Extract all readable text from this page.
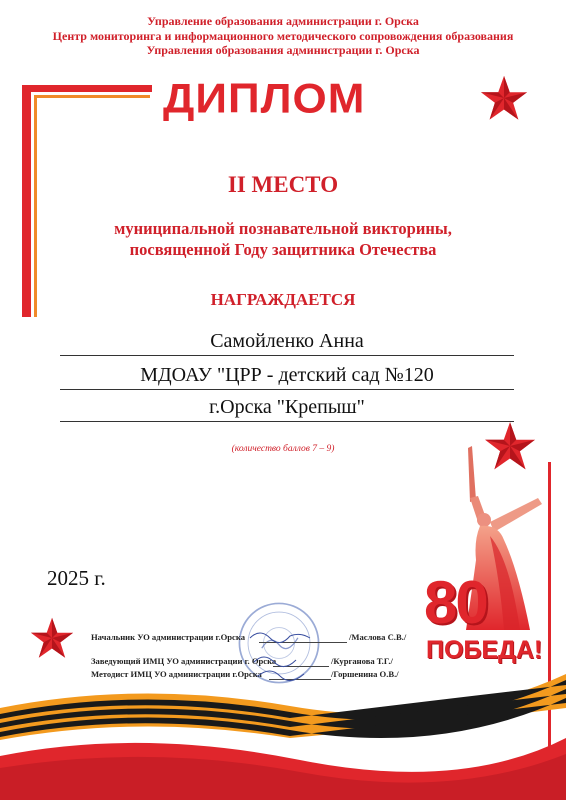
Управление образования администрации г. Орска
Центр мониторинга и информационного методического сопровождения образования
Управления образования администрации г. Орска
ДИПЛОМ
II МЕСТО
муниципальной познавательной викторины,
посвященной Году защитника Отечества
НАГРАЖДАЕТСЯ
Самойленко Анна
МДОАУ "ЦРР - детский сад №120
г.Орска "Крепыш"
(количество баллов 7 – 9)
80
ПОБЕДА!
2025 г.
Начальник УО администрации г.Орска	/Маслова С.В./
Заведующий ИМЦ УО администрации г. Орска	/Курганова Т.Г./
Методист ИМЦ УО администрации г.Орска	/Горшенина О.В./
